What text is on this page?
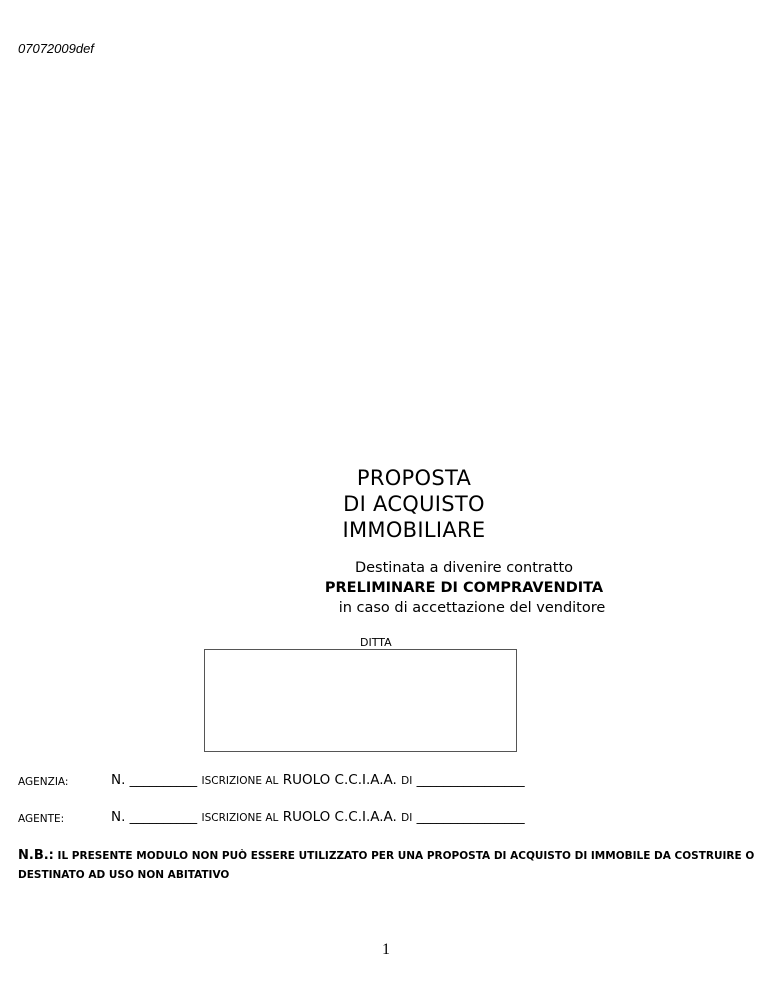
07072009def
PROPOSTA
DI ACQUISTO
IMMOBILIARE
Destinata a divenire contratto
PRELIMINARE DI COMPRAVENDITA
in caso di accettazione del venditore
DITTA
AGENZIA:	N. __________ ISCRIZIONE AL RUOLO C.C.I.A.A. DI ________________
AGENTE:	N. __________ ISCRIZIONE AL RUOLO C.C.I.A.A. DI ________________
N.B.: IL PRESENTE MODULO NON PUÒ ESSERE UTILIZZATO PER UNA PROPOSTA DI ACQUISTO DI IMMOBILE DA COSTRUIRE O DESTINATO AD USO NON ABITATIVO
1
